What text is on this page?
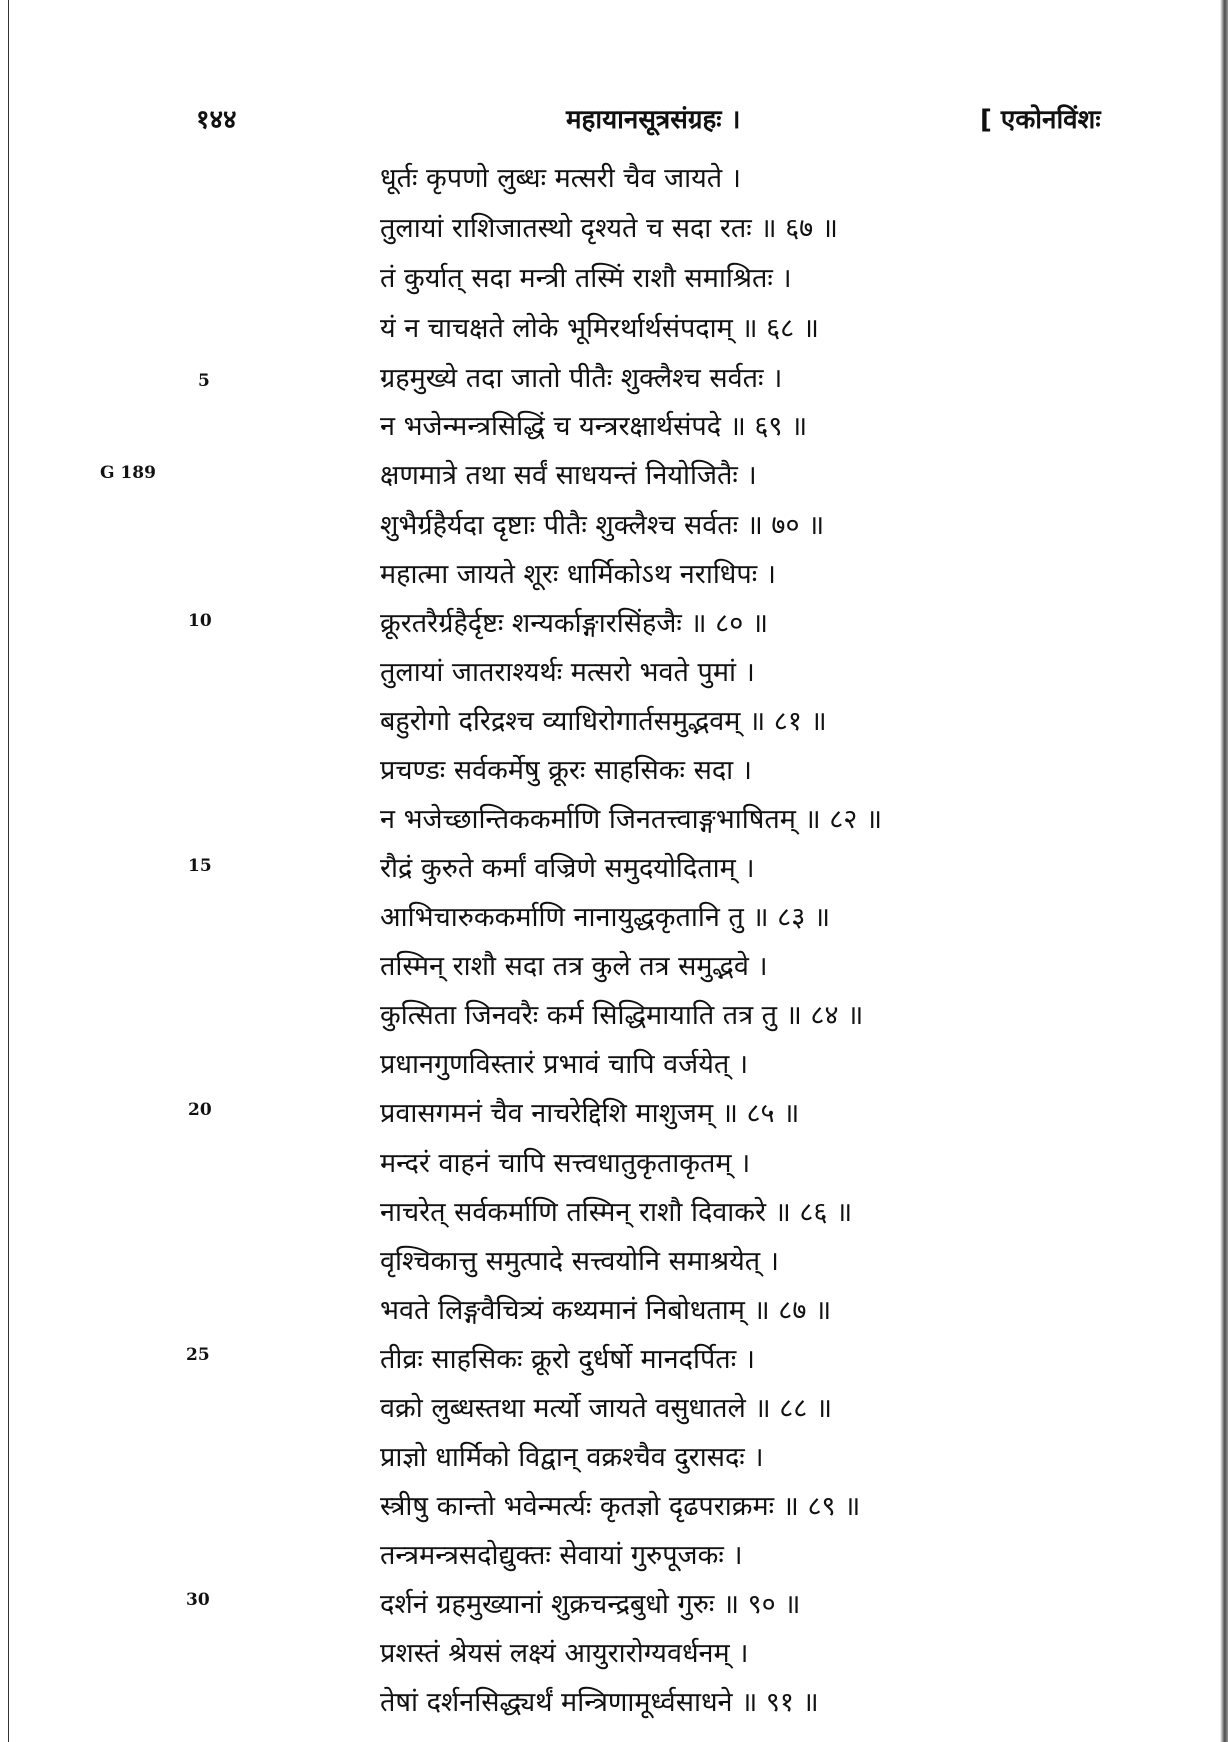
१४४	महायानसूत्रसंग्रहः ।	[ एकोनविंशः
G 189
5
10
15
20
25
30
धूर्तः कृपणो लुब्धः मत्सरी चैव जायते ।
तुलायां राशिजातस्थो दृश्यते च सदा रतः ॥ ६७ ॥
तं कुर्यात् सदा मन्त्री तस्मिं राशौ समाश्रितः ।
यं न चाचक्षते लोके भूमिरर्थार्थसंपदाम् ॥ ६८ ॥
ग्रहमुख्ये तदा जातो पीतैः शुक्लैश्च सर्वतः ।
न भजेन्मन्त्रसिद्धिं च यन्त्ररक्षार्थसंपदे ॥ ६९ ॥
क्षणमात्रे तथा सर्वं साधयन्तं नियोजितैः ।
शुभैर्ग्रहैर्यदा दृष्टाः पीतैः शुक्लैश्च सर्वतः ॥ ७० ॥
महात्मा जायते शूरः धार्मिकोऽथ नराधिपः ।
क्रूरतरैर्ग्रहैर्दृष्टः शन्यर्काङ्गारसिंहजैः ॥ ८० ॥
तुलायां जातराश्यर्थः मत्सरो भवते पुमां ।
बहुरोगो दरिद्रश्च व्याधिरोगार्तसमुद्भवम् ॥ ८१ ॥
प्रचण्डः सर्वकर्मेषु क्रूरः साहसिकः सदा ।
न भजेच्छान्तिककर्माणि जिनतत्त्वाङ्गभाषितम् ॥ ८२ ॥
रौद्रं कुरुते कर्मां वज्रिणे समुदयोदिताम् ।
आभिचारुककर्माणि नानायुद्धकृतानि तु ॥ ८३ ॥
तस्मिन् राशौ सदा तत्र कुले तत्र समुद्भवे ।
कुत्सिता जिनवरैः कर्म सिद्धिमायाति तत्र तु ॥ ८४ ॥
प्रधानगुणविस्तारं प्रभावं चापि वर्जयेत् ।
प्रवासगमनं चैव नाचरेद्दिशि माशुजम् ॥ ८५ ॥
मन्दरं वाहनं चापि सत्त्वधातुकृताकृतम् ।
नाचरेत् सर्वकर्माणि तस्मिन् राशौ दिवाकरे ॥ ८६ ॥
वृश्चिकात्तु समुत्पादे सत्त्वयोनि समाश्रयेत् ।
भवते लिङ्गवैचित्र्यं कथ्यमानं निबोधताम् ॥ ८७ ॥
तीव्रः साहसिकः क्रूरो दुर्धर्षो मानदर्पितः ।
वक्रो लुब्धस्तथा मर्त्यो जायते वसुधातले ॥ ८८ ॥
प्राज्ञो धार्मिको विद्वान् वक्रश्चैव दुरासदः ।
स्त्रीषु कान्तो भवेन्मर्त्यः कृतज्ञो दृढपराक्रमः ॥ ८९ ॥
तन्त्रमन्त्रसदोद्युक्तः सेवायां गुरुपूजकः ।
दर्शनं ग्रहमुख्यानां शुक्रचन्द्रबुधो गुरुः ॥ ९० ॥
प्रशस्तं श्रेयसं लक्ष्यं आयुरारोग्यवर्धनम् ।
तेषां दर्शनसिद्ध्यर्थं मन्त्रिणामूर्ध्वसाधने ॥ ९१ ॥
